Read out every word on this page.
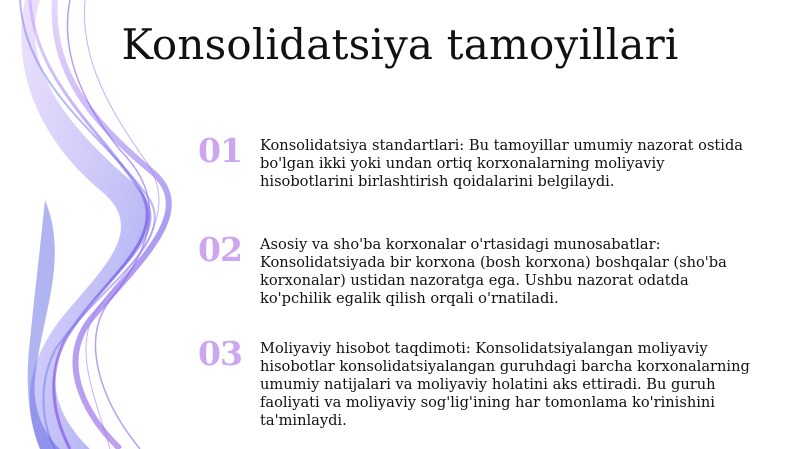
Konsolidatsiya tamoyillari
01 Konsolidatsiya standartlari: Bu tamoyillar umumiy nazorat ostida bo'lgan ikki yoki undan ortiq korxonalarning moliyaviy hisobotlarini birlashtirish qoidalarini belgilaydi.
02 Asosiy va sho'ba korxonalar o'rtasidagi munosabatlar: Konsolidatsiyada bir korxona (bosh korxona) boshqalar (sho'ba korxonalar) ustidan nazoratga ega. Ushbu nazorat odatda ko'pchilik egalik qilish orqali o'rnatiladi.
03 Moliyaviy hisobot taqdimoti: Konsolidatsiyalangan moliyaviy hisobotlar konsolidatsiyalangan guruhdagi barcha korxonalarning umumiy natijalari va moliyaviy holatini aks ettiradi. Bu guruh faoliyati va moliyaviy sog'lig'ining har tomonlama ko'rinishini ta'minlaydi.
